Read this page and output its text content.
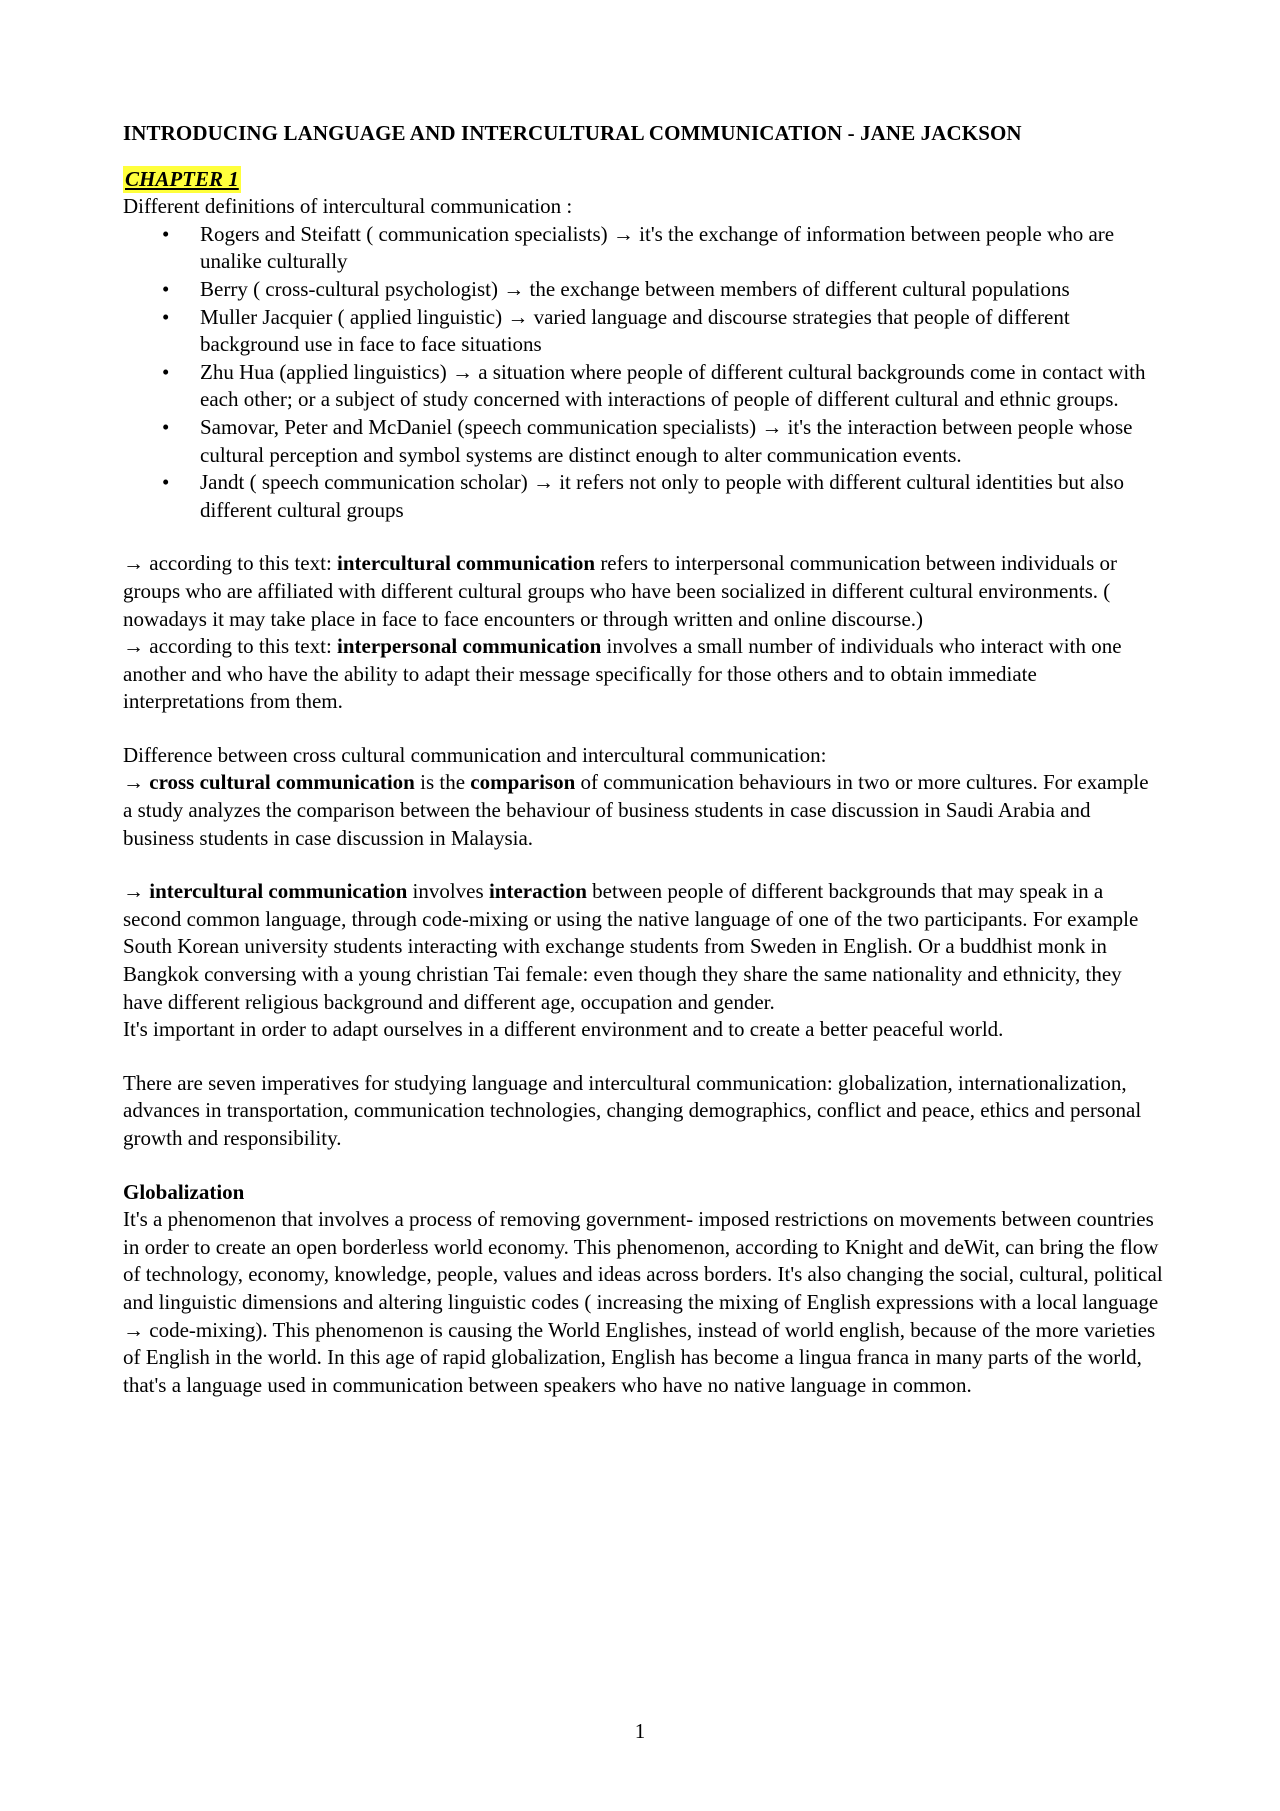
INTRODUCING LANGUAGE AND INTERCULTURAL COMMUNICATION - JANE JACKSON
CHAPTER 1

Different definitions of intercultural communication :

• Rogers and Steifatt ( communication specialists) → it's the exchange of information between people who are unalike culturally
• Berry ( cross-cultural psychologist) → the exchange between members of different cultural populations
• Muller Jacquier ( applied linguistic) → varied language and discourse strategies that people of different background use in face to face situations
• Zhu Hua (applied linguistics) → a situation where people of different cultural backgrounds come in contact with each other; or a subject of study concerned with interactions of people of different cultural and ethnic groups.
• Samovar, Peter and McDaniel (speech communication specialists) → it's the interaction between people whose cultural perception and symbol systems are distinct enough to alter communication events.
• Jandt ( speech communication scholar) → it refers not only to people with different cultural identities but also different cultural groups

→ according to this text: intercultural communication refers to interpersonal communication between individuals or groups who are affiliated with different cultural groups who have been socialized in different cultural environments. ( nowadays it may take place in face to face encounters or through written and online discourse.)

→ according to this text: interpersonal communication involves a small number of individuals who interact with one another and who have the ability to adapt their message specifically for those others and to obtain immediate interpretations from them.

Difference between cross cultural communication and intercultural communication:

→ cross cultural communication is the comparison of communication behaviours in two or more cultures. For example a study analyzes the comparison between the behaviour of business students in case discussion in Saudi Arabia and business students in case discussion in Malaysia.

→ intercultural communication involves interaction between people of different backgrounds that may speak in a second common language, through code-mixing or using the native language of one of the two participants. For example South Korean university students interacting with exchange students from Sweden in English. Or a buddhist monk in Bangkok conversing with a young christian Tai female: even though they share the same nationality and ethnicity, they have different religious background and different age, occupation and gender.

It's important in order to adapt ourselves in a different environment and to create a better peaceful world.

There are seven imperatives for studying language and intercultural communication: globalization, internationalization, advances in transportation, communication technologies, changing demographics, conflict and peace, ethics and personal growth and responsibility.

Globalization

It's a phenomenon that involves a process of removing government- imposed restrictions on movements between countries in order to create an open borderless world economy. This phenomenon, according to Knight and deWit, can bring the flow of technology, economy, knowledge, people, values and ideas across borders. It's also changing the social, cultural, political and linguistic dimensions and altering linguistic codes ( increasing the mixing of English expressions with a local language → code-mixing). This phenomenon is causing the World Englishes, instead of world english, because of the more varieties of English in the world. In this age of rapid globalization, English has become a lingua franca in many parts of the world, that's a language used in communication between speakers who have no native language in common.

1
